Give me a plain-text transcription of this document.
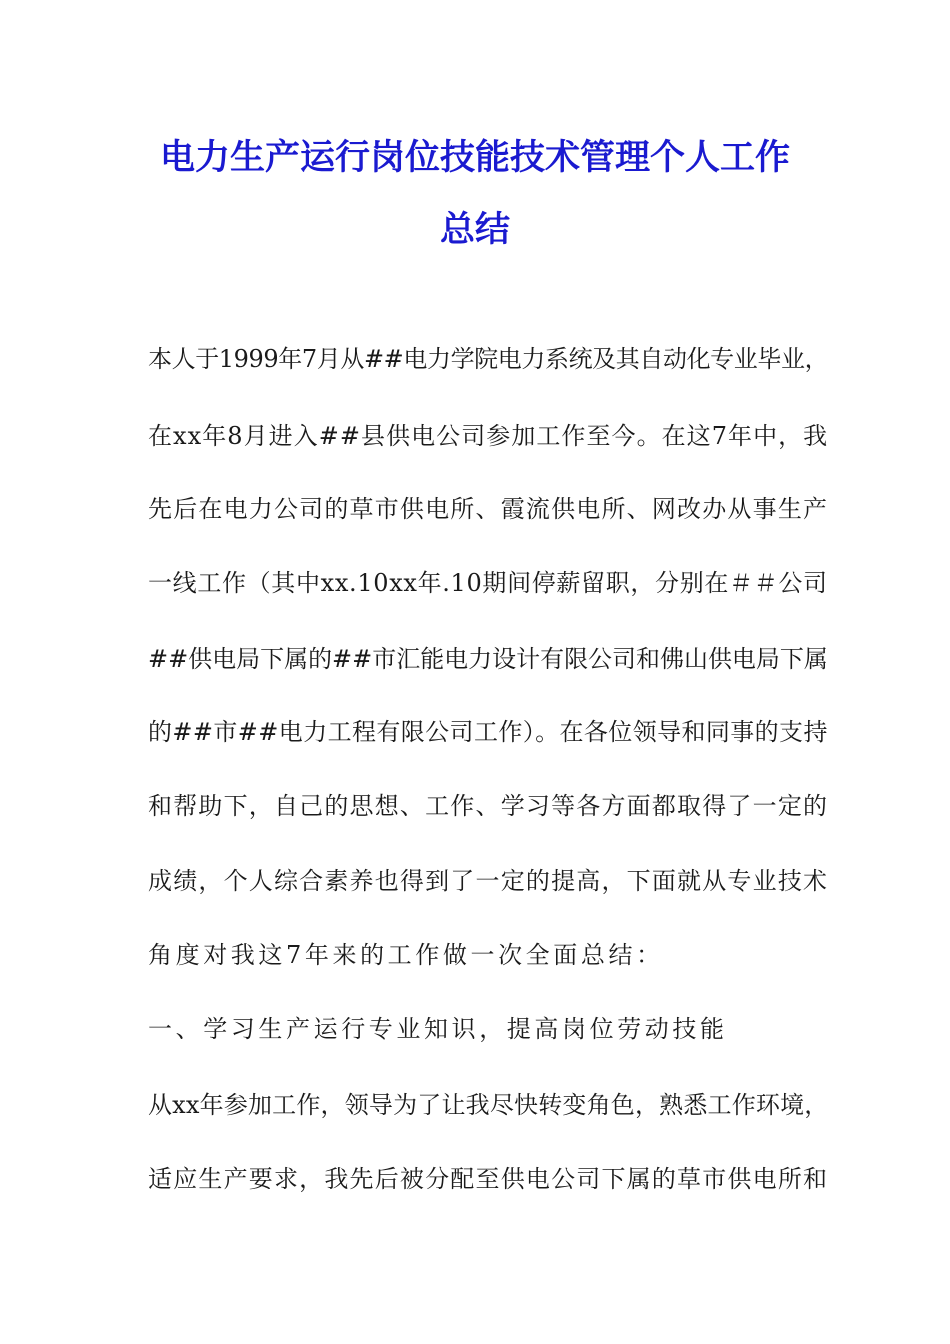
电力生产运行岗位技能技术管理个人工作
总结

本人于1999年7月从##电力学院电力系统及其自动化专业毕业，

在xx年8月进入##县供电公司参加工作至今。在这7年中，我

先后在电力公司的草市供电所、霞流供电所、网改办从事生产

一线工作（其中xx.10xx年.10期间停薪留职，分别在＃＃公司

##供电局下属的##市汇能电力设计有限公司和佛山供电局下属

的##市##电力工程有限公司工作）。在各位领导和同事的支持

和帮助下，自己的思想、工作、学习等各方面都取得了一定的

成绩，个人综合素养也得到了一定的提高，下面就从专业技术

角度对我这7年来的工作做一次全面总结：

一、学习生产运行专业知识，提高岗位劳动技能

从xx年参加工作，领导为了让我尽快转变角色，熟悉工作环境，

适应生产要求，我先后被分配至供电公司下属的草市供电所和
